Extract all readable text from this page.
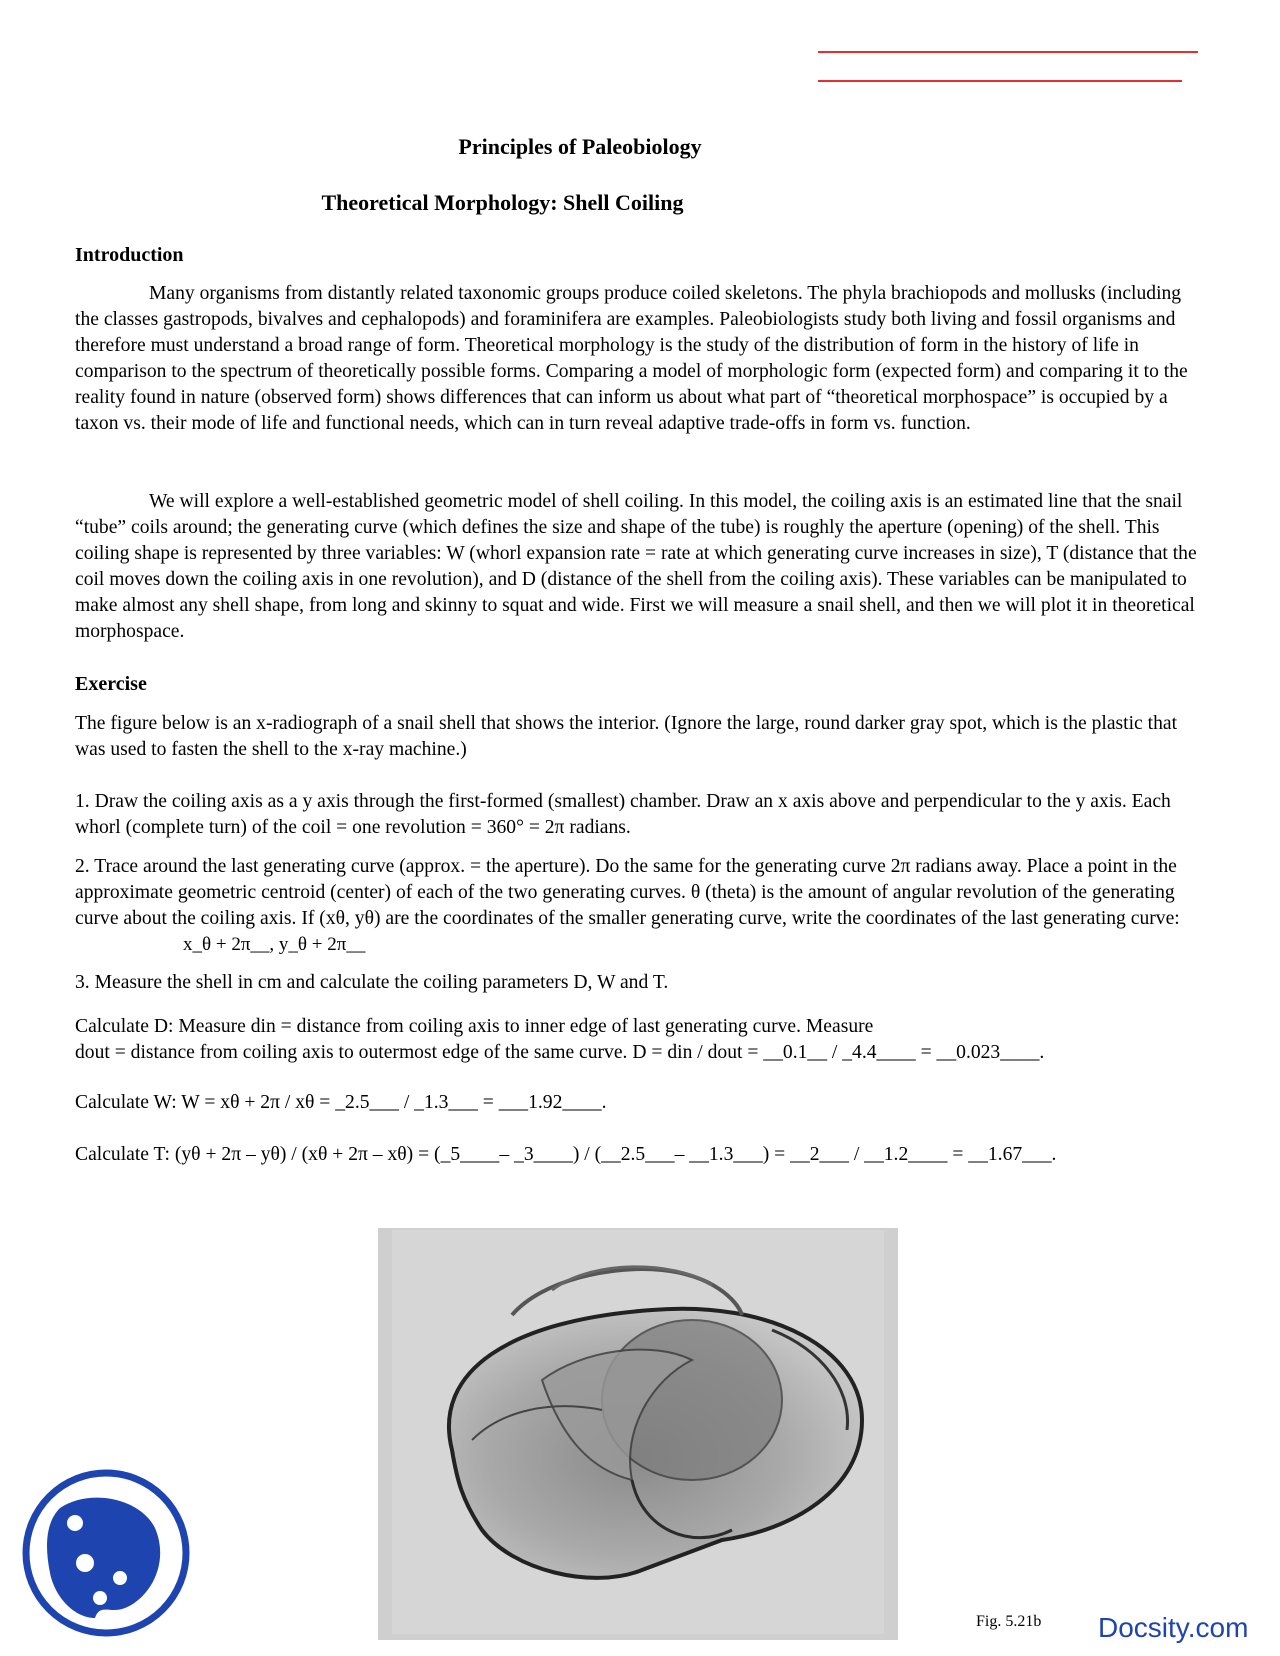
Principles of Paleobiology
Theoretical Morphology: Shell Coiling
Introduction

Many organisms from distantly related taxonomic groups produce coiled skeletons. The phyla brachiopods and mollusks (including the classes gastropods, bivalves and cephalopods) and foraminifera are examples. Paleobiologists study both living and fossil organisms and therefore must understand a broad range of form. Theoretical morphology is the study of the distribution of form in the history of life in comparison to the spectrum of theoretically possible forms. Comparing a model of morphologic form (expected form) and comparing it to the reality found in nature (observed form) shows differences that can inform us about what part of “theoretical morphospace” is occupied by a taxon vs. their mode of life and functional needs, which can in turn reveal adaptive trade-offs in form vs. function.

We will explore a well-established geometric model of shell coiling. In this model, the coiling axis is an estimated line that the snail “tube” coils around; the generating curve (which defines the size and shape of the tube) is roughly the aperture (opening) of the shell. This coiling shape is represented by three variables: W (whorl expansion rate = rate at which generating curve increases in size), T (distance that the coil moves down the coiling axis in one revolution), and D (distance of the shell from the coiling axis). These variables can be manipulated to make almost any shell shape, from long and skinny to squat and wide. First we will measure a snail shell, and then we will plot it in theoretical morphospace.

Exercise

The figure below is an x-radiograph of a snail shell that shows the interior. (Ignore the large, round darker gray spot, which is the plastic that was used to fasten the shell to the x-ray machine.)

1. Draw the coiling axis as a y axis through the first-formed (smallest) chamber. Draw an x axis above and perpendicular to the y axis. Each whorl (complete turn) of the coil = one revolution = 360° = 2π radians.

2. Trace around the last generating curve (approx. = the aperture). Do the same for the generating curve 2π radians away. Place a point in the approximate geometric centroid (center) of each of the two generating curves. θ (theta) is the amount of angular revolution of the generating curve about the coiling axis. If (xθ, yθ) are the coordinates of the smaller generating curve, write the coordinates of the last generating curve: x_θ + 2π__, y_θ + 2π__

3. Measure the shell in cm and calculate the coiling parameters D, W and T.

Calculate D: Measure din = distance from coiling axis to inner edge of last generating curve. Measure
dout = distance from coiling axis to outermost edge of the same curve. D = din / dout = __0.1__ / _4.4____ = __0.023____.
Calculate W: W = xθ + 2π / xθ = _2.5___ / _1.3___ = ___1.92____.
Calculate T: (yθ + 2π – yθ) / (xθ + 2π – xθ) = (_5____– _3____) / (__2.5___– __1.3___) = __2___ / __1.2____ = __1.67___.
Fig. 5.21b Docsity.com
